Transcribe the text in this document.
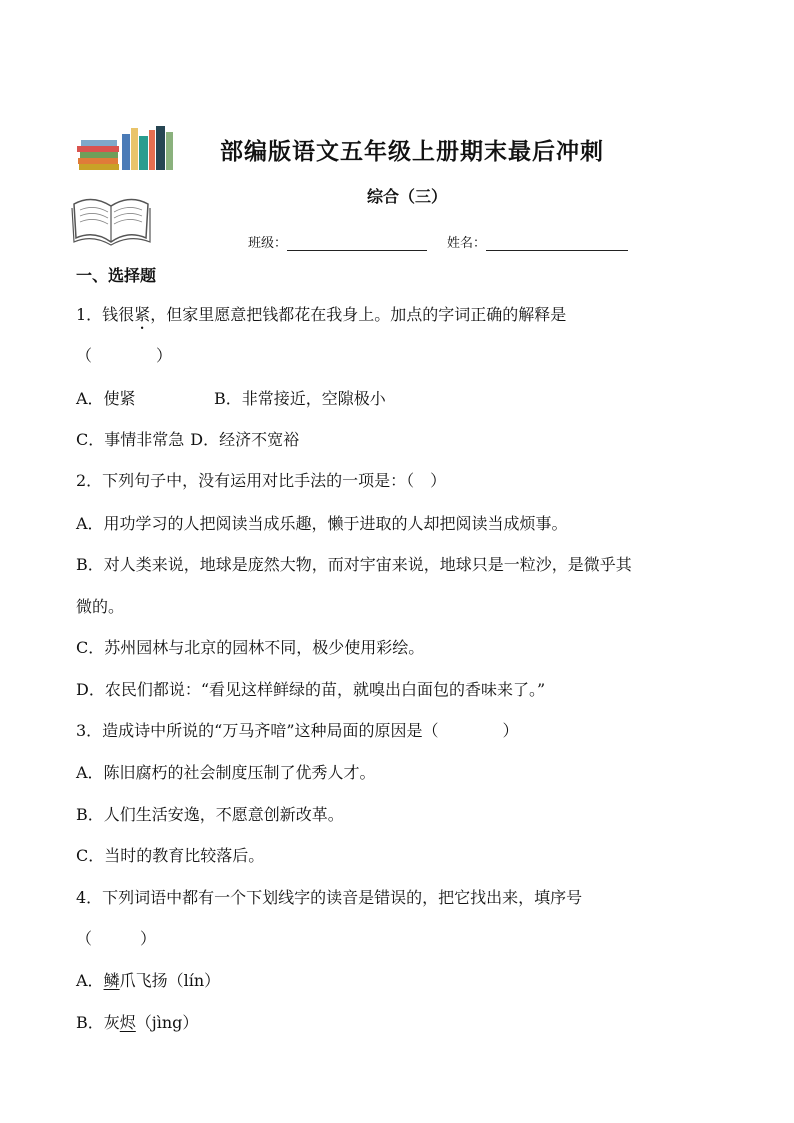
部编版语文五年级上册期末最后冲刺
综合（三）
班级：	姓名：
一、选择题
1．钱很紧，但家里愿意把钱都花在我身上。加点的字词正确的解释是
（　　　　）
A．使紧	B．非常接近，空隙极小
C．事情非常急 D．经济不宽裕
2．下列句子中，没有运用对比手法的一项是：（　）
A．用功学习的人把阅读当成乐趣，懒于进取的人却把阅读当成烦事。
B．对人类来说，地球是庞然大物，而对宇宙来说，地球只是一粒沙，是微乎其
微的。
C．苏州园林与北京的园林不同，极少使用彩绘。
D．农民们都说：“看见这样鲜绿的苗，就嗅出白面包的香味来了。”
3．造成诗中所说的“万马齐喑”这种局面的原因是（　　　　）
A．陈旧腐朽的社会制度压制了优秀人才。
B．人们生活安逸，不愿意创新改革。
C．当时的教育比较落后。
4．下列词语中都有一个下划线字的读音是错误的，把它找出来，填序号
（　　　）
A．鳞爪飞扬（lín）
B．灰烬（jìng）
